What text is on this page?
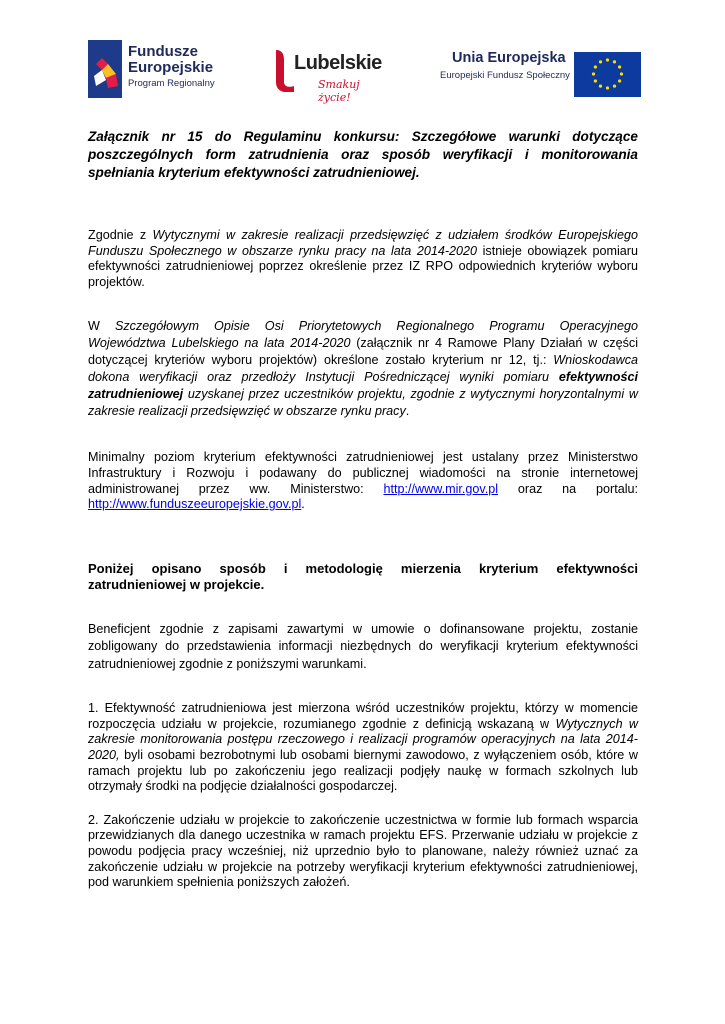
Fundusze
Europejskie
Program Regionalny
Lubelskie
Smakuj życie!
Unia Europejska
Europejski Fundusz Społeczny

Załącznik nr 15 do Regulaminu konkursu: Szczegółowe warunki dotyczące poszczególnych form zatrudnienia oraz sposób weryfikacji i monitorowania spełniania kryterium efektywności zatrudnieniowej.

Zgodnie z Wytycznymi w zakresie realizacji przedsięwzięć z udziałem środków Europejskiego Funduszu Społecznego w obszarze rynku pracy na lata 2014-2020 istnieje obowiązek pomiaru efektywności zatrudnieniowej poprzez określenie przez IZ RPO odpowiednich kryteriów wyboru projektów.

W Szczegółowym Opisie Osi Priorytetowych Regionalnego Programu Operacyjnego Województwa Lubelskiego na lata 2014-2020 (załącznik nr 4 Ramowe Plany Działań w części dotyczącej kryteriów wyboru projektów) określone zostało kryterium nr 12, tj.: Wnioskodawca dokona weryfikacji oraz przedłoży Instytucji Pośredniczącej wyniki pomiaru efektywności zatrudnieniowej uzyskanej przez uczestników projektu, zgodnie z wytycznymi horyzontalnymi w zakresie realizacji przedsięwzięć w obszarze rynku pracy.

Minimalny poziom kryterium efektywności zatrudnieniowej jest ustalany przez Ministerstwo Infrastruktury i Rozwoju i podawany do publicznej wiadomości na stronie internetowej administrowanej przez ww. Ministerstwo: http://www.mir.gov.pl oraz na portalu: http://www.funduszeeuropejskie.gov.pl.

Poniżej opisano sposób i metodologię mierzenia kryterium efektywności zatrudnieniowej w projekcie.

Beneficjent zgodnie z zapisami zawartymi w umowie o dofinansowane projektu, zostanie zobligowany do przedstawienia informacji niezbędnych do weryfikacji kryterium efektywności zatrudnieniowej zgodnie z poniższymi warunkami.

1. Efektywność zatrudnieniowa jest mierzona wśród uczestników projektu, którzy w momencie rozpoczęcia udziału w projekcie, rozumianego zgodnie z definicją wskazaną w Wytycznych w zakresie monitorowania postępu rzeczowego i realizacji programów operacyjnych na lata 2014-2020, byli osobami bezrobotnymi lub osobami biernymi zawodowo, z wyłączeniem osób, które w ramach projektu lub po zakończeniu jego realizacji podjęły naukę w formach szkolnych lub otrzymały środki na podjęcie działalności gospodarczej.

2. Zakończenie udziału w projekcie to zakończenie uczestnictwa w formie lub formach wsparcia przewidzianych dla danego uczestnika w ramach projektu EFS. Przerwanie udziału w projekcie z powodu podjęcia pracy wcześniej, niż uprzednio było to planowane, należy również uznać za zakończenie udziału w projekcie na potrzeby weryfikacji kryterium efektywności zatrudnieniowej, pod warunkiem spełnienia poniższych założeń.
